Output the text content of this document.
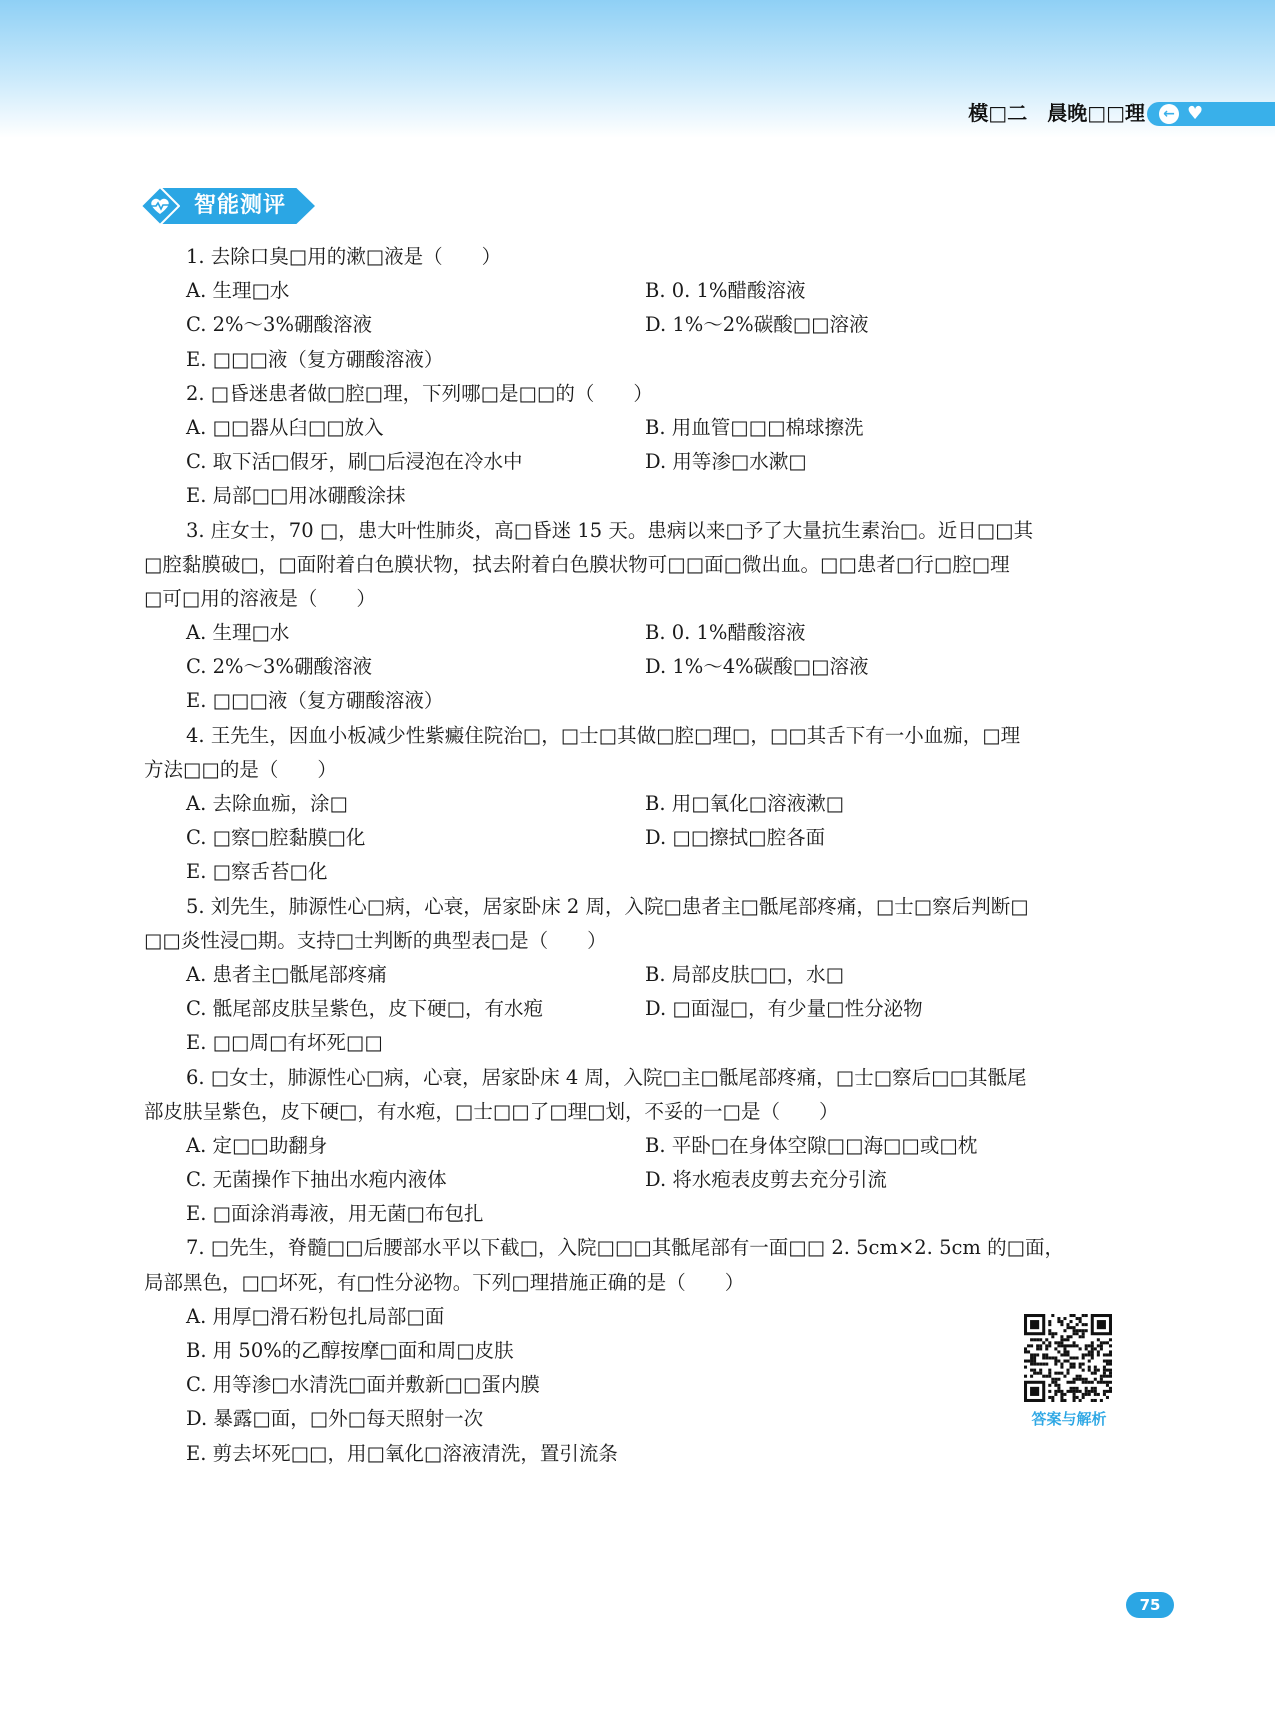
模□二　晨晚□□理 ← ♥
智能测评
1. 去除口臭□用的漱□液是（　　）
A. 生理□水	B. 0. 1%醋酸溶液
C. 2%～3%硼酸溶液	D. 1%～2%碳酸□□溶液
E. □□□液（复方硼酸溶液）
2. □昏迷患者做□腔□理，下列哪□是□□的（　　）
A. □□器从臼□□放入	B. 用血管□□□棉球擦洗
C. 取下活□假牙，刷□后浸泡在冷水中	D. 用等渗□水漱□
E. 局部□□用冰硼酸涂抹
3. 庄女士，70 □，患大叶性肺炎，高□昏迷 15 天。患病以来□予了大量抗生素治□。近日□□其
□腔黏膜破□，□面附着白色膜状物，拭去附着白色膜状物可□□面□微出血。□□患者□行□腔□理
□可□用的溶液是（　　）
A. 生理□水	B. 0. 1%醋酸溶液
C. 2%～3%硼酸溶液	D. 1%～4%碳酸□□溶液
E. □□□液（复方硼酸溶液）
4. 王先生，因血小板减少性紫癜住院治□，□士□其做□腔□理□，□□其舌下有一小血痂，□理
方法□□的是（　　）
A. 去除血痂，涂□	B. 用□氧化□溶液漱□
C. □察□腔黏膜□化	D. □□擦拭□腔各面
E. □察舌苔□化
5. 刘先生，肺源性心□病，心衰，居家卧床 2 周，入院□患者主□骶尾部疼痛，□士□察后判断□
□□炎性浸□期。支持□士判断的典型表□是（　　）
A. 患者主□骶尾部疼痛	B. 局部皮肤□□，水□
C. 骶尾部皮肤呈紫色，皮下硬□，有水疱	D. □面湿□，有少量□性分泌物
E. □□周□有坏死□□
6. □女士，肺源性心□病，心衰，居家卧床 4 周，入院□主□骶尾部疼痛，□士□察后□□其骶尾
部皮肤呈紫色，皮下硬□，有水疱，□士□□了□理□划，不妥的一□是（　　）
A. 定□□助翻身	B. 平卧□在身体空隙□□海□□或□枕
C. 无菌操作下抽出水疱内液体	D. 将水疱表皮剪去充分引流
E. □面涂消毒液，用无菌□布包扎
7. □先生，脊髓□□后腰部水平以下截□，入院□□□其骶尾部有一面□□ 2. 5cm×2. 5cm 的□面，
局部黑色，□□坏死，有□性分泌物。下列□理措施正确的是（　　）
A. 用厚□滑石粉包扎局部□面
B. 用 50%的乙醇按摩□面和周□皮肤
C. 用等渗□水清洗□面并敷新□□蛋内膜
D. 暴露□面，□外□每天照射一次
E. 剪去坏死□□，用□氧化□溶液清洗，置引流条
答案与解析
75
